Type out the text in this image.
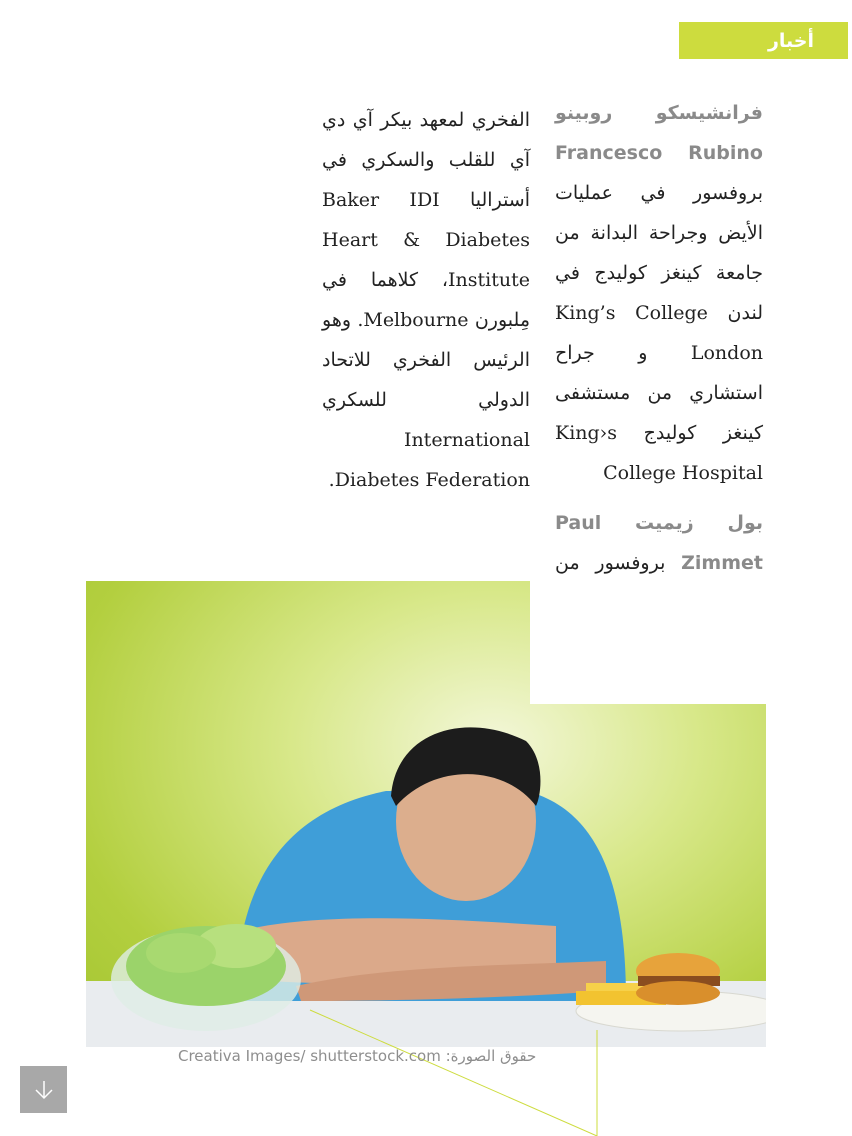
أخبار

فرانشيسكو روبينو Francesco Rubino بروفسور في عمليات الأيض وجراحة البدانة من جامعة كينغز كوليدج في لندن King’s College London و جراح استشاري من مستشفى كينغز كوليدج King›s College Hospital

بول زيميت Paul Zimmet بروفسور من

الفخري لمعهد بيكر آي دي آي للقلب والسكري في أستراليا Baker IDI Heart & Diabetes Institute، كلاهما في مِلبورن Melbourne. وهو الرئيس الفخري للاتحاد الدولي للسكري International Diabetes Federation.

حقوق الصورة: Creativa Images/ shutterstock.com
